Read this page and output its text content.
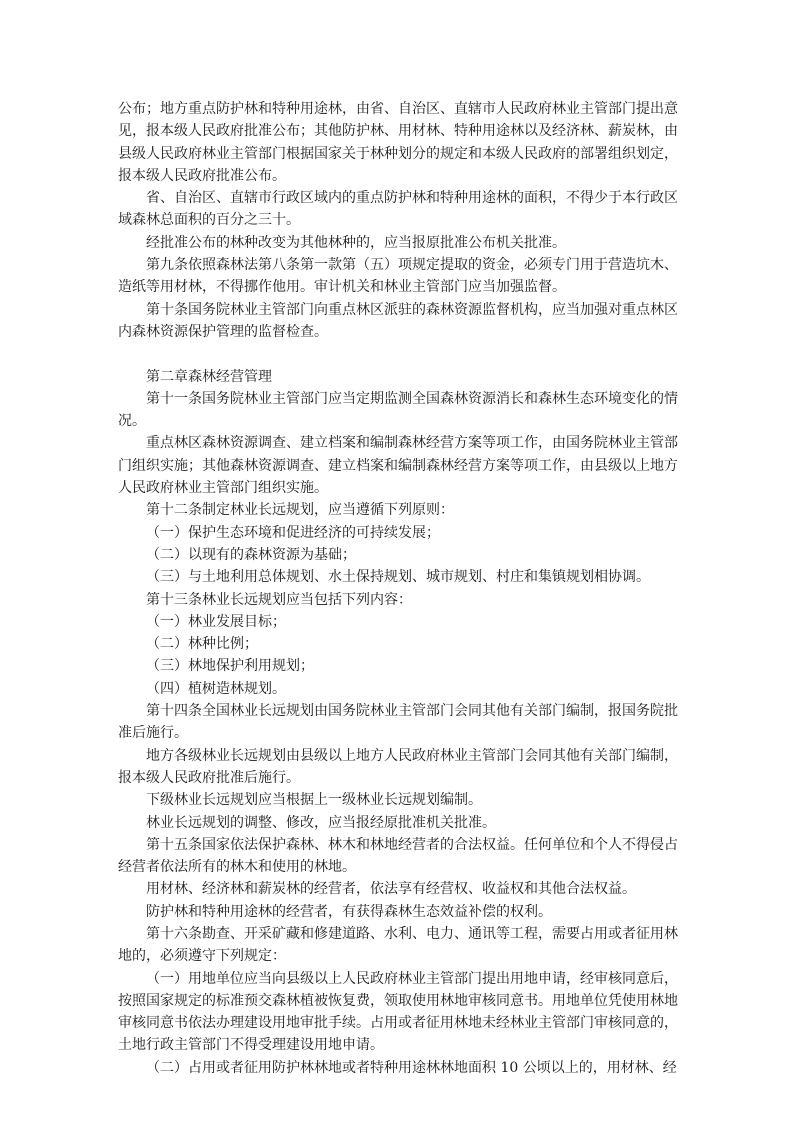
公布；地方重点防护林和特种用途林，由省、自治区、直辖市人民政府林业主管部门提出意见，报本级人民政府批准公布；其他防护林、用材林、特种用途林以及经济林、薪炭林，由县级人民政府林业主管部门根据国家关于林种划分的规定和本级人民政府的部署组织划定，报本级人民政府批准公布。

省、自治区、直辖市行政区域内的重点防护林和特种用途林的面积，不得少于本行政区域森林总面积的百分之三十。

经批准公布的林种改变为其他林种的，应当报原批准公布机关批准。

第九条依照森林法第八条第一款第（五）项规定提取的资金，必须专门用于营造坑木、造纸等用材林，不得挪作他用。审计机关和林业主管部门应当加强监督。

第十条国务院林业主管部门向重点林区派驻的森林资源监督机构，应当加强对重点林区内森林资源保护管理的监督检查。

第二章森林经营管理

第十一条国务院林业主管部门应当定期监测全国森林资源消长和森林生态环境变化的情况。

重点林区森林资源调查、建立档案和编制森林经营方案等项工作，由国务院林业主管部门组织实施；其他森林资源调查、建立档案和编制森林经营方案等项工作，由县级以上地方人民政府林业主管部门组织实施。

第十二条制定林业长远规划，应当遵循下列原则：

（一）保护生态环境和促进经济的可持续发展；

（二）以现有的森林资源为基础；

（三）与土地利用总体规划、水土保持规划、城市规划、村庄和集镇规划相协调。

第十三条林业长远规划应当包括下列内容：

（一）林业发展目标；

（二）林种比例；

（三）林地保护利用规划；

（四）植树造林规划。

第十四条全国林业长远规划由国务院林业主管部门会同其他有关部门编制，报国务院批准后施行。

地方各级林业长远规划由县级以上地方人民政府林业主管部门会同其他有关部门编制，报本级人民政府批准后施行。

下级林业长远规划应当根据上一级林业长远规划编制。

林业长远规划的调整、修改，应当报经原批准机关批准。

第十五条国家依法保护森林、林木和林地经营者的合法权益。任何单位和个人不得侵占经营者依法所有的林木和使用的林地。

用材林、经济林和薪炭林的经营者，依法享有经营权、收益权和其他合法权益。

防护林和特种用途林的经营者，有获得森林生态效益补偿的权利。

第十六条勘查、开采矿藏和修建道路、水利、电力、通讯等工程，需要占用或者征用林地的，必须遵守下列规定：

（一）用地单位应当向县级以上人民政府林业主管部门提出用地申请，经审核同意后，按照国家规定的标准预交森林植被恢复费，领取使用林地审核同意书。用地单位凭使用林地审核同意书依法办理建设用地审批手续。占用或者征用林地未经林业主管部门审核同意的，土地行政主管部门不得受理建设用地申请。

（二）占用或者征用防护林林地或者特种用途林林地面积 10 公顷以上的，用材林、经
